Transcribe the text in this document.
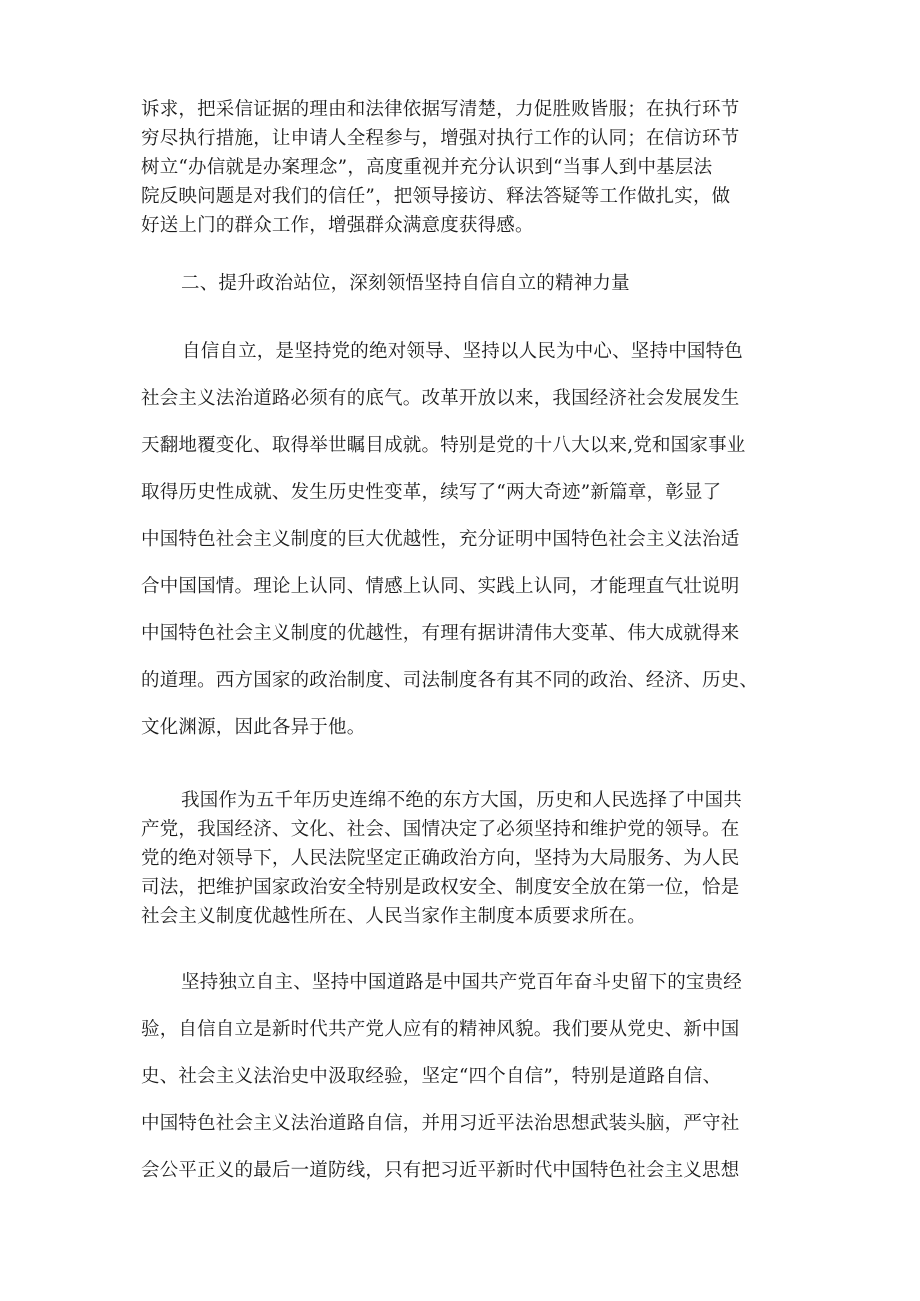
诉求，把采信证据的理由和法律依据写清楚，力促胜败皆服；在执行环节
穷尽执行措施，让申请人全程参与，增强对执行工作的认同；在信访环节
树立“办信就是办案理念”，高度重视并充分认识到“当事人到中基层法
院反映问题是对我们的信任”，把领导接访、释法答疑等工作做扎实，做
好送上门的群众工作，增强群众满意度获得感。
二、提升政治站位，深刻领悟坚持自信自立的精神力量
自信自立，是坚持党的绝对领导、坚持以人民为中心、坚持中国特色
社会主义法治道路必须有的底气。改革开放以来，我国经济社会发展发生
天翻地覆变化、取得举世瞩目成就。特别是党的十八大以来,党和国家事业
取得历史性成就、发生历史性变革，续写了“两大奇迹”新篇章，彰显了
中国特色社会主义制度的巨大优越性，充分证明中国特色社会主义法治适
合中国国情。理论上认同、情感上认同、实践上认同，才能理直气壮说明
中国特色社会主义制度的优越性，有理有据讲清伟大变革、伟大成就得来
的道理。西方国家的政治制度、司法制度各有其不同的政治、经济、历史、
文化渊源，因此各异于他。
我国作为五千年历史连绵不绝的东方大国，历史和人民选择了中国共
产党，我国经济、文化、社会、国情决定了必须坚持和维护党的领导。在
党的绝对领导下，人民法院坚定正确政治方向，坚持为大局服务、为人民
司法，把维护国家政治安全特别是政权安全、制度安全放在第一位，恰是
社会主义制度优越性所在、人民当家作主制度本质要求所在。
坚持独立自主、坚持中国道路是中国共产党百年奋斗史留下的宝贵经
验，自信自立是新时代共产党人应有的精神风貌。我们要从党史、新中国
史、社会主义法治史中汲取经验，坚定“四个自信”，特别是道路自信、
中国特色社会主义法治道路自信，并用习近平法治思想武装头脑，严守社
会公平正义的最后一道防线，只有把习近平新时代中国特色社会主义思想
